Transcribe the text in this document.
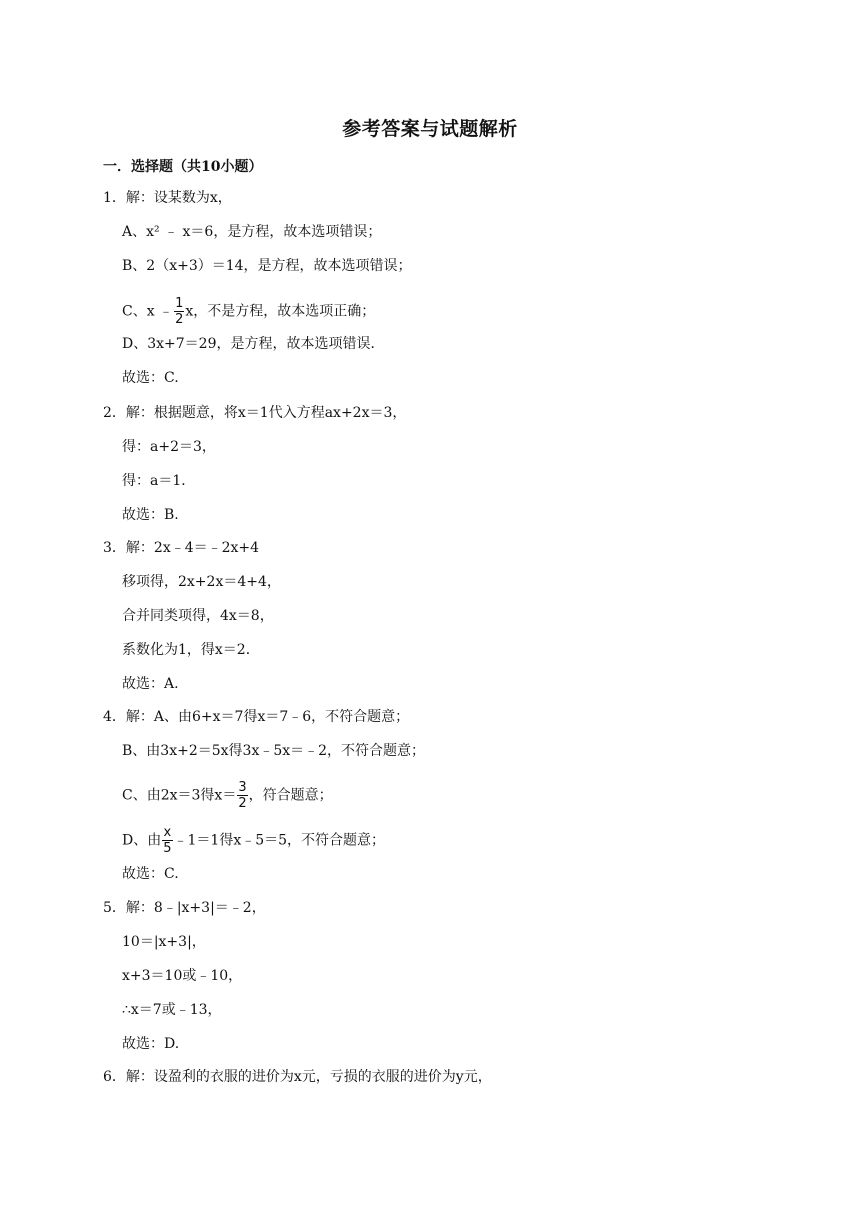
参考答案与试题解析
一．选择题（共10小题）
1．解：设某数为x，
A、x² ﹣ x＝6，是方程，故本选项错误；
B、2（x+3）＝14，是方程，故本选项错误；
C、x ﹣ $\frac{1}{2}$ x，不是方程，故本选项正确；
D、3x+7＝29，是方程，故本选项错误．
故选：C.
2．解：根据题意，将x＝1代入方程ax+2x＝3，
得：a+2＝3，
得：a＝1．
故选：B.
3．解：2x﹣4＝﹣2x+4
移项得，2x+2x＝4+4，
合并同类项得，4x＝8，
系数化为1，得x＝2．
故选：A.
4．解：A、由6+x＝7得x＝7﹣6，不符合题意；
B、由3x+2＝5x得3x﹣5x＝﹣2，不符合题意；
C、由2x＝3得$x= \frac{3}{2}$ ，符合题意；
D、由 $\frac{x}{5}$ ﹣1＝1得x﹣5＝5，不符合题意；
故选：C.
5．解：8﹣|x+3|＝﹣2，
10＝|x+3|，
x+3＝10或﹣10，
∴x＝7或﹣13，
故选：D.
6．解：设盈利的衣服的进价为x元，亏损的衣服的进价为y元，
